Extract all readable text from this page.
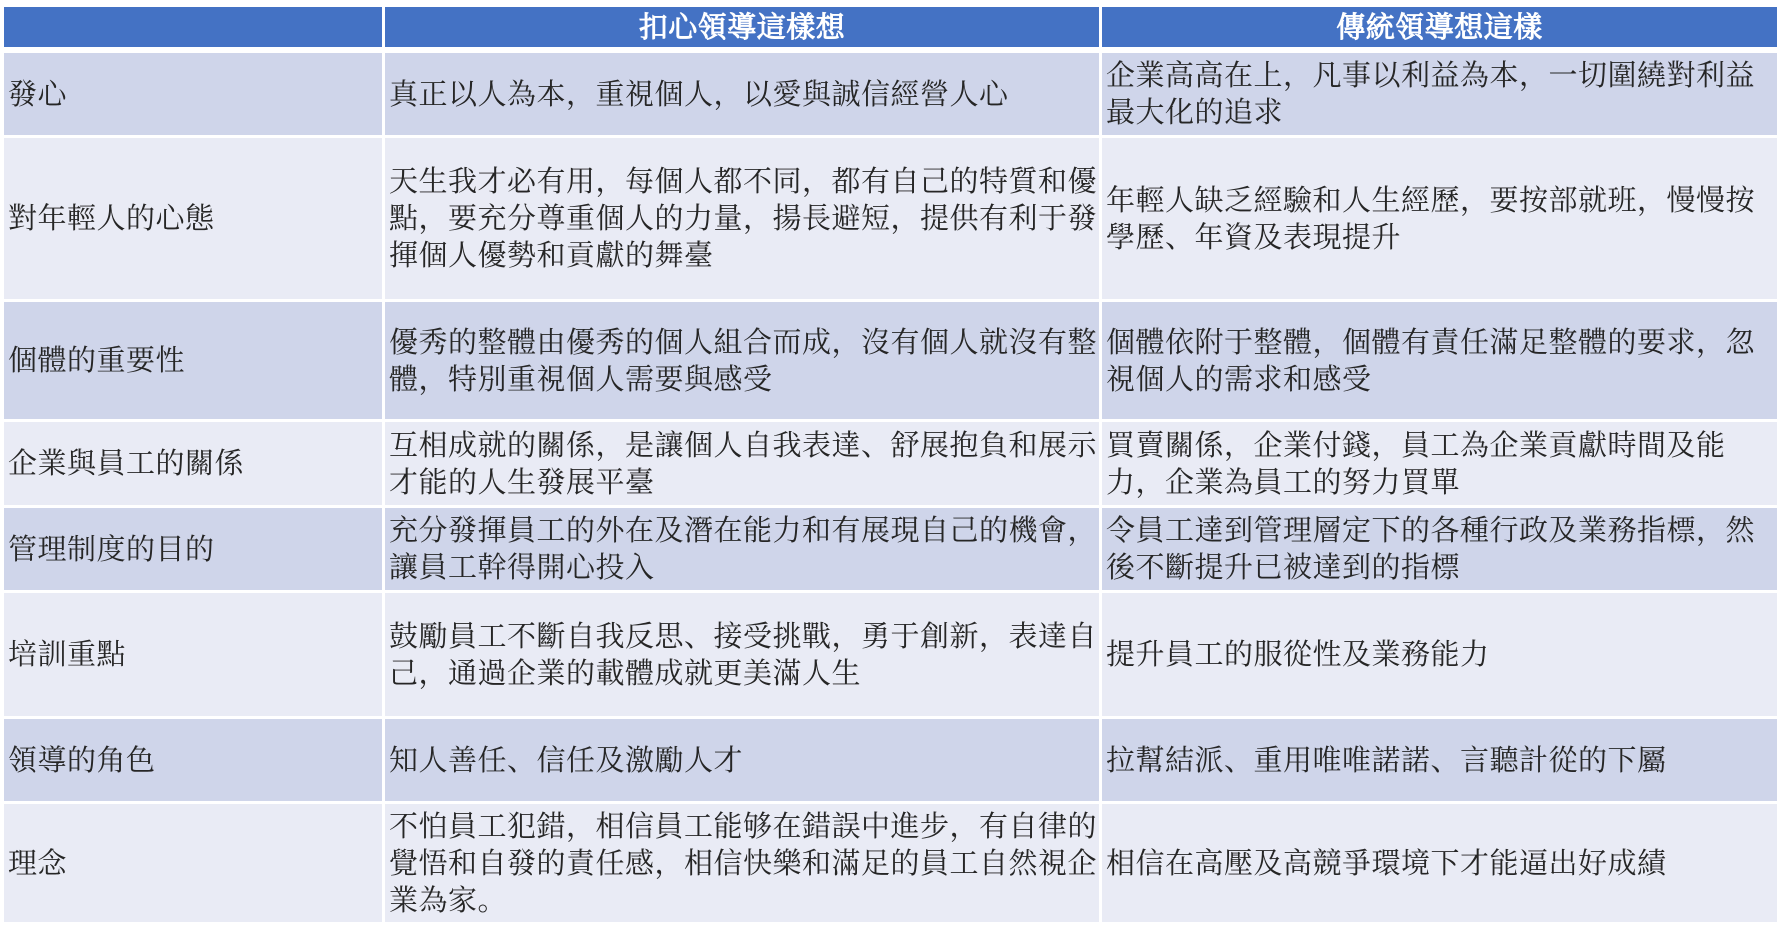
	扣心領導這樣想	傳統領導想這樣
發心	真正以人為本，重視個人，以愛與誠信經營人心	企業高高在上，凡事以利益為本，一切圍繞對利益最大化的追求
對年輕人的心態	天生我才必有用，每個人都不同，都有自己的特質和優點，要充分尊重個人的力量，揚長避短，提供有利于發揮個人優勢和貢獻的舞臺	年輕人缺乏經驗和人生經歷，要按部就班，慢慢按學歷、年資及表現提升
個體的重要性	優秀的整體由優秀的個人組合而成，沒有個人就沒有整體，特別重視個人需要與感受	個體依附于整體，個體有責任滿足整體的要求，忽視個人的需求和感受
企業與員工的關係	互相成就的關係，是讓個人自我表達、舒展抱負和展示才能的人生發展平臺	買賣關係，企業付錢，員工為企業貢獻時間及能力，企業為員工的努力買單
管理制度的目的	充分發揮員工的外在及潛在能力和有展現自己的機會，讓員工幹得開心投入	令員工達到管理層定下的各種行政及業務指標，然後不斷提升已被達到的指標
培訓重點	鼓勵員工不斷自我反思、接受挑戰，勇于創新，表達自己，通過企業的載體成就更美滿人生	提升員工的服從性及業務能力
領導的角色	知人善任、信任及激勵人才	拉幫結派、重用唯唯諾諾、言聽計從的下屬
理念	不怕員工犯錯，相信員工能够在錯誤中進步，有自律的覺悟和自發的責任感，相信快樂和滿足的員工自然視企業為家。	相信在高壓及高競爭環境下才能逼出好成績
